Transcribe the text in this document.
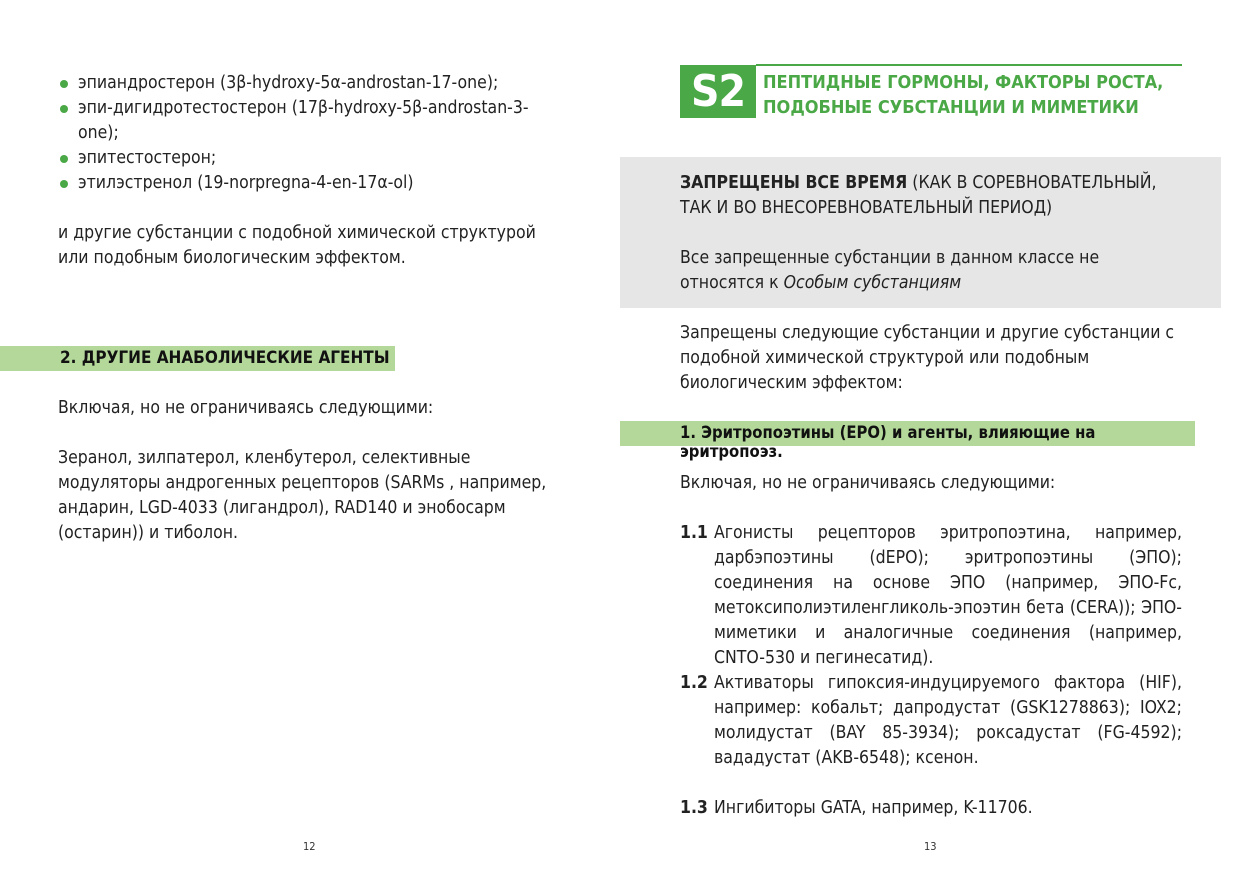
эпиандростерон (3β-hydroxy-5α-androstan-17-one);
эпи-дигидротестостерон (17β-hydroxy-5β-androstan-3-one);
эпитестостерон;
этилэстренол (19-norpregna-4-en-17α-ol)
и другие субстанции с подобной химической структурой или подобным биологическим эффектом.
2. ДРУГИЕ АНАБОЛИЧЕСКИЕ АГЕНТЫ
Включая, но не ограничиваясь следующими:
Зеранол, зилпатерол, кленбутерол, селективные модуляторы андрогенных рецепторов (SARMs , например, андарин, LGD-4033 (лигандрол), RAD140 и энобосарм (остарин)) и тиболон.
12
S2 ПЕПТИДНЫЕ ГОРМОНЫ, ФАКТОРЫ РОСТА,
ПОДОБНЫЕ СУБСТАНЦИИ И МИМЕТИКИ
ЗАПРЕЩЕНЫ ВСЕ ВРЕМЯ (КАК В СОРЕВНОВАТЕЛЬНЫЙ, ТАК И ВО ВНЕСОРЕВНОВАТЕЛЬНЫЙ ПЕРИОД)
Все запрещенные субстанции в данном классе не относятся к Особым субстанциям
Запрещены следующие субстанции и другие субстанции с подобной химической структурой или подобным биологическим эффектом:
1. Эритропоэтины (ЕРО) и агенты, влияющие на эритропоэз.
Включая, но не ограничиваясь следующими:
1.1 Агонисты рецепторов эритропоэтина, например, дарбэпоэтины (dEPO); эритропоэтины (ЭПО); соединения на основе ЭПО (например, ЭПО-Fc, метоксиполиэтиленгликоль-эпоэтин бета (CERA)); ЭПО-миметики и аналогичные соединения (например, CNTO-530 и пегинесатид).
1.2 Активаторы гипоксия-индуцируемого фактора (HIF), например: кобальт; дапродустат (GSK1278863); IOX2; молидустат (BAY 85-3934); роксадустат (FG-4592); вададустат (AKB-6548); ксенон.
1.3 Ингибиторы GATA, например, K-11706.
13
